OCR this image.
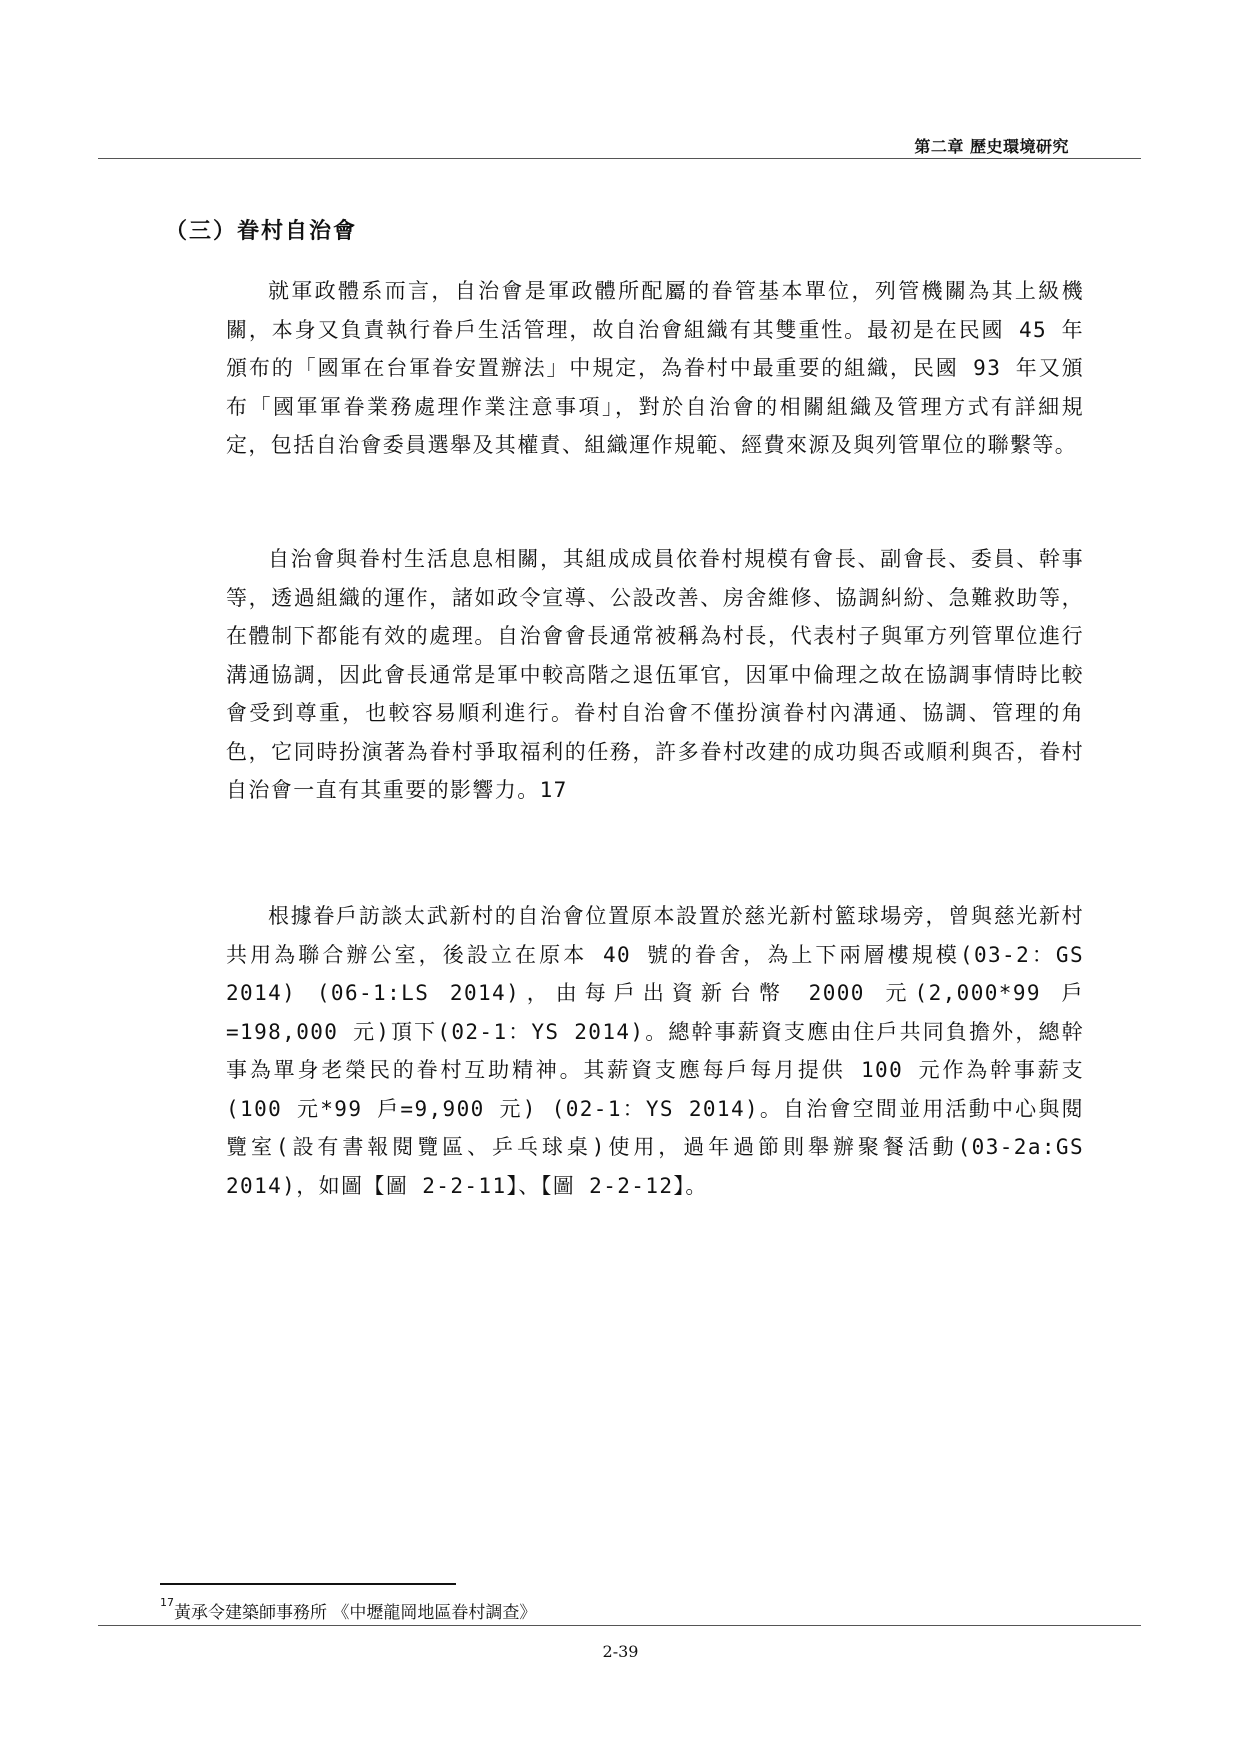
第二章 歷史環境研究
（三）眷村自治會

就軍政體系而言，自治會是軍政體所配屬的眷管基本單位，列管機關為其上級機關，本身又負責執行眷戶生活管理，故自治會組織有其雙重性。最初是在民國 45 年頒布的「國軍在台軍眷安置辦法」中規定，為眷村中最重要的組織，民國 93 年又頒布「國軍軍眷業務處理作業注意事項」，對於自治會的相關組織及管理方式有詳細規定，包括自治會委員選舉及其權責、組織運作規範、經費來源及與列管單位的聯繫等。

自治會與眷村生活息息相關，其組成成員依眷村規模有會長、副會長、委員、幹事等，透過組織的運作，諸如政令宣導、公設改善、房舍維修、協調糾紛、急難救助等，在體制下都能有效的處理。自治會會長通常被稱為村長，代表村子與軍方列管單位進行溝通協調，因此會長通常是軍中較高階之退伍軍官，因軍中倫理之故在協調事情時比較會受到尊重，也較容易順利進行。眷村自治會不僅扮演眷村內溝通、協調、管理的角色，它同時扮演著為眷村爭取福利的任務，許多眷村改建的成功與否或順利與否，眷村自治會一直有其重要的影響力。17

根據眷戶訪談太武新村的自治會位置原本設置於慈光新村籃球場旁，曾與慈光新村共用為聯合辦公室，後設立在原本 40 號的眷舍，為上下兩層樓規模(03-2：GS 2014) (06-1:LS 2014)，由每戶出資新台幣 2000 元(2,000*99 戶=198,000 元)頂下(02-1：YS 2014)。總幹事薪資支應由住戶共同負擔外，總幹事為單身老榮民的眷村互助精神。其薪資支應每戶每月提供 100 元作為幹事薪支(100 元*99 戶=9,900 元) (02-1：YS 2014)。自治會空間並用活動中心與閱覽室(設有書報閱覽區、乒乓球桌)使用，過年過節則舉辦聚餐活動(03-2a:GS 2014)，如圖【圖 2-2-11】、【圖 2-2-12】。

$^{17}$黃承令建築師事務所 《中壢龍岡地區眷村調查》
2-39
